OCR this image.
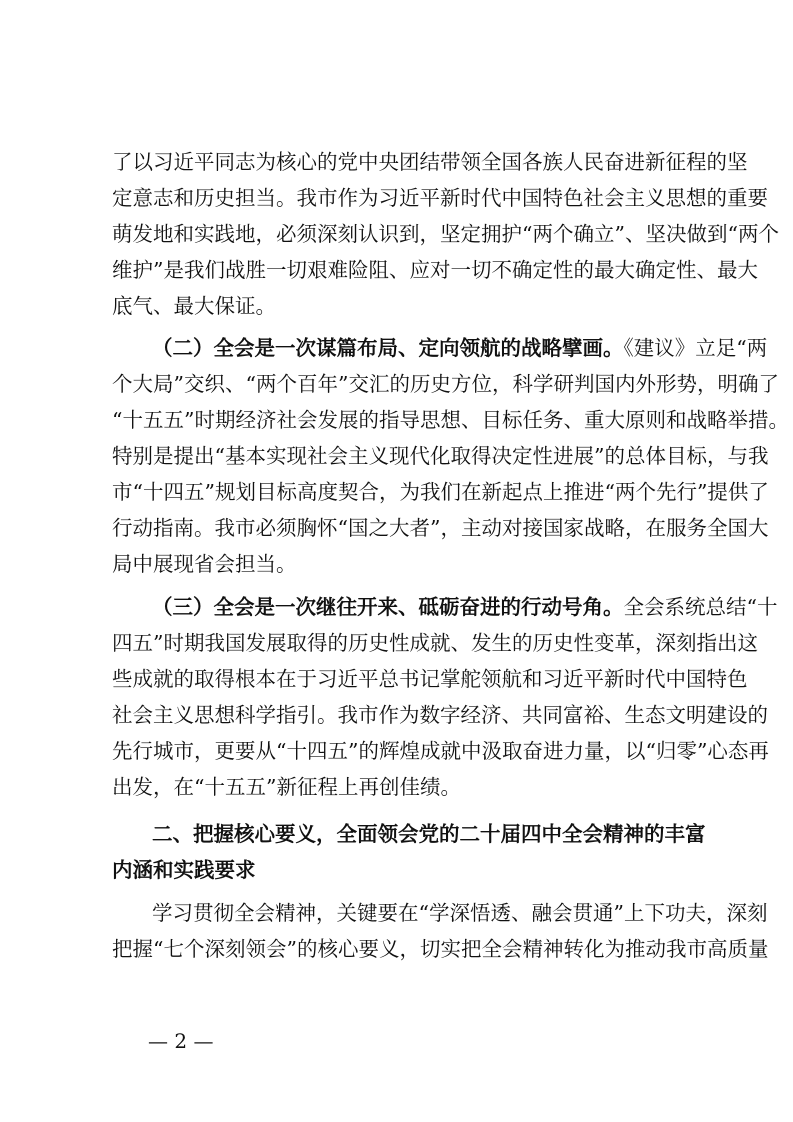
了以习近平同志为核心的党中央团结带领全国各族人民奋进新征程的坚
定意志和历史担当。我市作为习近平新时代中国特色社会主义思想的重要
萌发地和实践地，必须深刻认识到，坚定拥护“两个确立”、坚决做到“两个
维护”是我们战胜一切艰难险阻、应对一切不确定性的最大确定性、最大
底气、最大保证。
（二）全会是一次谋篇布局、定向领航的战略擘画。《建议》立足“两
个大局”交织、“两个百年”交汇的历史方位，科学研判国内外形势，明确了
“十五五”时期经济社会发展的指导思想、目标任务、重大原则和战略举措。
特别是提出“基本实现社会主义现代化取得决定性进展”的总体目标，与我
市“十四五”规划目标高度契合，为我们在新起点上推进“两个先行”提供了
行动指南。我市必须胸怀“国之大者”，主动对接国家战略，在服务全国大
局中展现省会担当。
（三）全会是一次继往开来、砥砺奋进的行动号角。全会系统总结“十
四五”时期我国发展取得的历史性成就、发生的历史性变革，深刻指出这
些成就的取得根本在于习近平总书记掌舵领航和习近平新时代中国特色
社会主义思想科学指引。我市作为数字经济、共同富裕、生态文明建设的
先行城市，更要从“十四五”的辉煌成就中汲取奋进力量，以“归零”心态再
出发，在“十五五”新征程上再创佳绩。
二、把握核心要义，全面领会党的二十届四中全会精神的丰富
内涵和实践要求
学习贯彻全会精神，关键要在“学深悟透、融会贯通”上下功夫，深刻
把握“七个深刻领会”的核心要义，切实把全会精神转化为推动我市高质量
— 2 —
